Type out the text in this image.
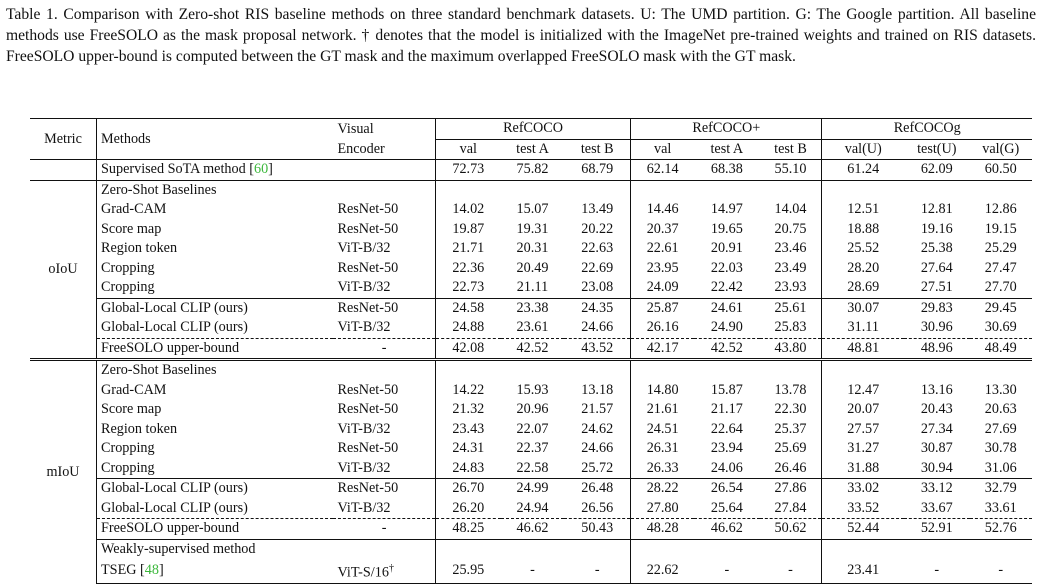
Table 1. Comparison with Zero-shot RIS baseline methods on three standard benchmark datasets. U: The UMD partition. G: The Google partition. All baseline methods use FreeSOLO as the mask proposal network. † denotes that the model is initialized with the ImageNet pre-trained weights and trained on RIS datasets. FreeSOLO upper-bound is computed between the GT mask and the maximum overlapped FreeSOLO mask with the GT mask.
Metric	Methods	Visual	RefCOCO			RefCOCO+			RefCOCOg		
		Encoder	val	test A	test B	val	test A	test B	val(U)	test(U)	val(G)
	Supervised SoTA method [60]		72.73	75.82	68.79	62.14	68.38	55.10	61.24	62.09	60.50
oIoU	Zero-Shot Baselines										
	Grad-CAM	ResNet-50	14.02	15.07	13.49	14.46	14.97	14.04	12.51	12.81	12.86
	Score map	ResNet-50	19.87	19.31	20.22	20.37	19.65	20.75	18.88	19.16	19.15
	Region token	ViT-B/32	21.71	20.31	22.63	22.61	20.91	23.46	25.52	25.38	25.29
	Cropping	ResNet-50	22.36	20.49	22.69	23.95	22.03	23.49	28.20	27.64	27.47
	Cropping	ViT-B/32	22.73	21.11	23.08	24.09	22.42	23.93	28.69	27.51	27.70
	Global-Local CLIP (ours)	ResNet-50	24.58	23.38	24.35	25.87	24.61	25.61	30.07	29.83	29.45
	Global-Local CLIP (ours)	ViT-B/32	24.88	23.61	24.66	26.16	24.90	25.83	31.11	30.96	30.69
	FreeSOLO upper-bound	-	42.08	42.52	43.52	42.17	42.52	43.80	48.81	48.96	48.49
mIoU	Zero-Shot Baselines										
	Grad-CAM	ResNet-50	14.22	15.93	13.18	14.80	15.87	13.78	12.47	13.16	13.30
	Score map	ResNet-50	21.32	20.96	21.57	21.61	21.17	22.30	20.07	20.43	20.63
	Region token	ViT-B/32	23.43	22.07	24.62	24.51	22.64	25.37	27.57	27.34	27.69
	Cropping	ResNet-50	24.31	22.37	24.66	26.31	23.94	25.69	31.27	30.87	30.78
	Cropping	ViT-B/32	24.83	22.58	25.72	26.33	24.06	26.46	31.88	30.94	31.06
	Global-Local CLIP (ours)	ResNet-50	26.70	24.99	26.48	28.22	26.54	27.86	33.02	33.12	32.79
	Global-Local CLIP (ours)	ViT-B/32	26.20	24.94	26.56	27.80	25.64	27.84	33.52	33.67	33.61
	FreeSOLO upper-bound	-	48.25	46.62	50.43	48.28	46.62	50.62	52.44	52.91	52.76
	Weakly-supervised method										
	TSEG [48]	ViT-S/16†	25.95	-	-	22.62	-	-	23.41	-	-
